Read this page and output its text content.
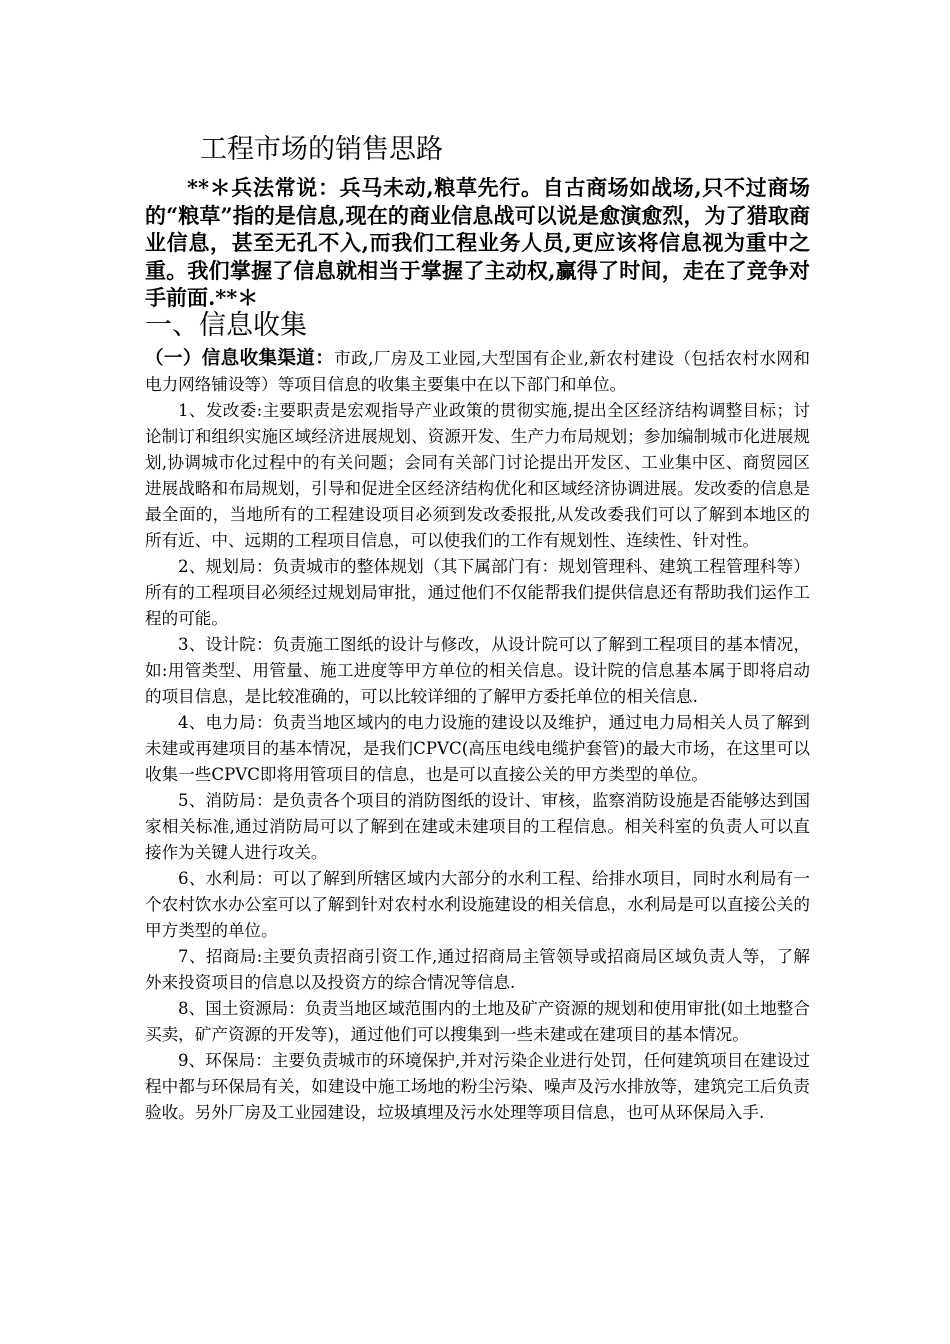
工程市场的销售思路

**＊兵法常说：兵马未动,粮草先行。自古商场如战场,只不过商场的“粮草”指的是信息,现在的商业信息战可以说是愈演愈烈，为了猎取商业信息，甚至无孔不入,而我们工程业务人员,更应该将信息视为重中之重。我们掌握了信息就相当于掌握了主动权,赢得了时间，走在了竞争对手前面.**＊

一、信息收集

（一）信息收集渠道：市政,厂房及工业园,大型国有企业,新农村建设（包括农村水网和电力网络铺设等）等项目信息的收集主要集中在以下部门和单位。

1、发改委:主要职责是宏观指导产业政策的贯彻实施,提出全区经济结构调整目标；讨论制订和组织实施区域经济进展规划、资源开发、生产力布局规划；参加编制城市化进展规划,协调城市化过程中的有关问题；会同有关部门讨论提出开发区、工业集中区、商贸园区进展战略和布局规划，引导和促进全区经济结构优化和区域经济协调进展。发改委的信息是最全面的，当地所有的工程建设项目必须到发改委报批,从发改委我们可以了解到本地区的所有近、中、远期的工程项目信息，可以使我们的工作有规划性、连续性、针对性。

2、规划局：负责城市的整体规划（其下属部门有：规划管理科、建筑工程管理科等）所有的工程项目必须经过规划局审批，通过他们不仅能帮我们提供信息还有帮助我们运作工程的可能。

3、设计院：负责施工图纸的设计与修改，从设计院可以了解到工程项目的基本情况，如:用管类型、用管量、施工进度等甲方单位的相关信息。设计院的信息基本属于即将启动的项目信息，是比较准确的，可以比较详细的了解甲方委托单位的相关信息.

4、电力局：负责当地区域内的电力设施的建设以及维护，通过电力局相关人员了解到未建或再建项目的基本情况，是我们CPVC(高压电线电缆护套管)的最大市场，在这里可以收集一些CPVC即将用管项目的信息，也是可以直接公关的甲方类型的单位。

5、消防局：是负责各个项目的消防图纸的设计、审核，监察消防设施是否能够达到国家相关标准,通过消防局可以了解到在建或未建项目的工程信息。相关科室的负责人可以直接作为关键人进行攻关。

6、水利局：可以了解到所辖区域内大部分的水利工程、给排水项目，同时水利局有一个农村饮水办公室可以了解到针对农村水利设施建设的相关信息，水利局是可以直接公关的甲方类型的单位。

7、招商局:主要负责招商引资工作,通过招商局主管领导或招商局区域负责人等，了解外来投资项目的信息以及投资方的综合情况等信息.

8、国土资源局：负责当地区域范围内的土地及矿产资源的规划和使用审批(如土地整合买卖，矿产资源的开发等)，通过他们可以搜集到一些未建或在建项目的基本情况。

9、环保局：主要负责城市的环境保护,并对污染企业进行处罚，任何建筑项目在建设过程中都与环保局有关，如建设中施工场地的粉尘污染、噪声及污水排放等，建筑完工后负责验收。另外厂房及工业园建设，垃圾填埋及污水处理等项目信息，也可从环保局入手.
